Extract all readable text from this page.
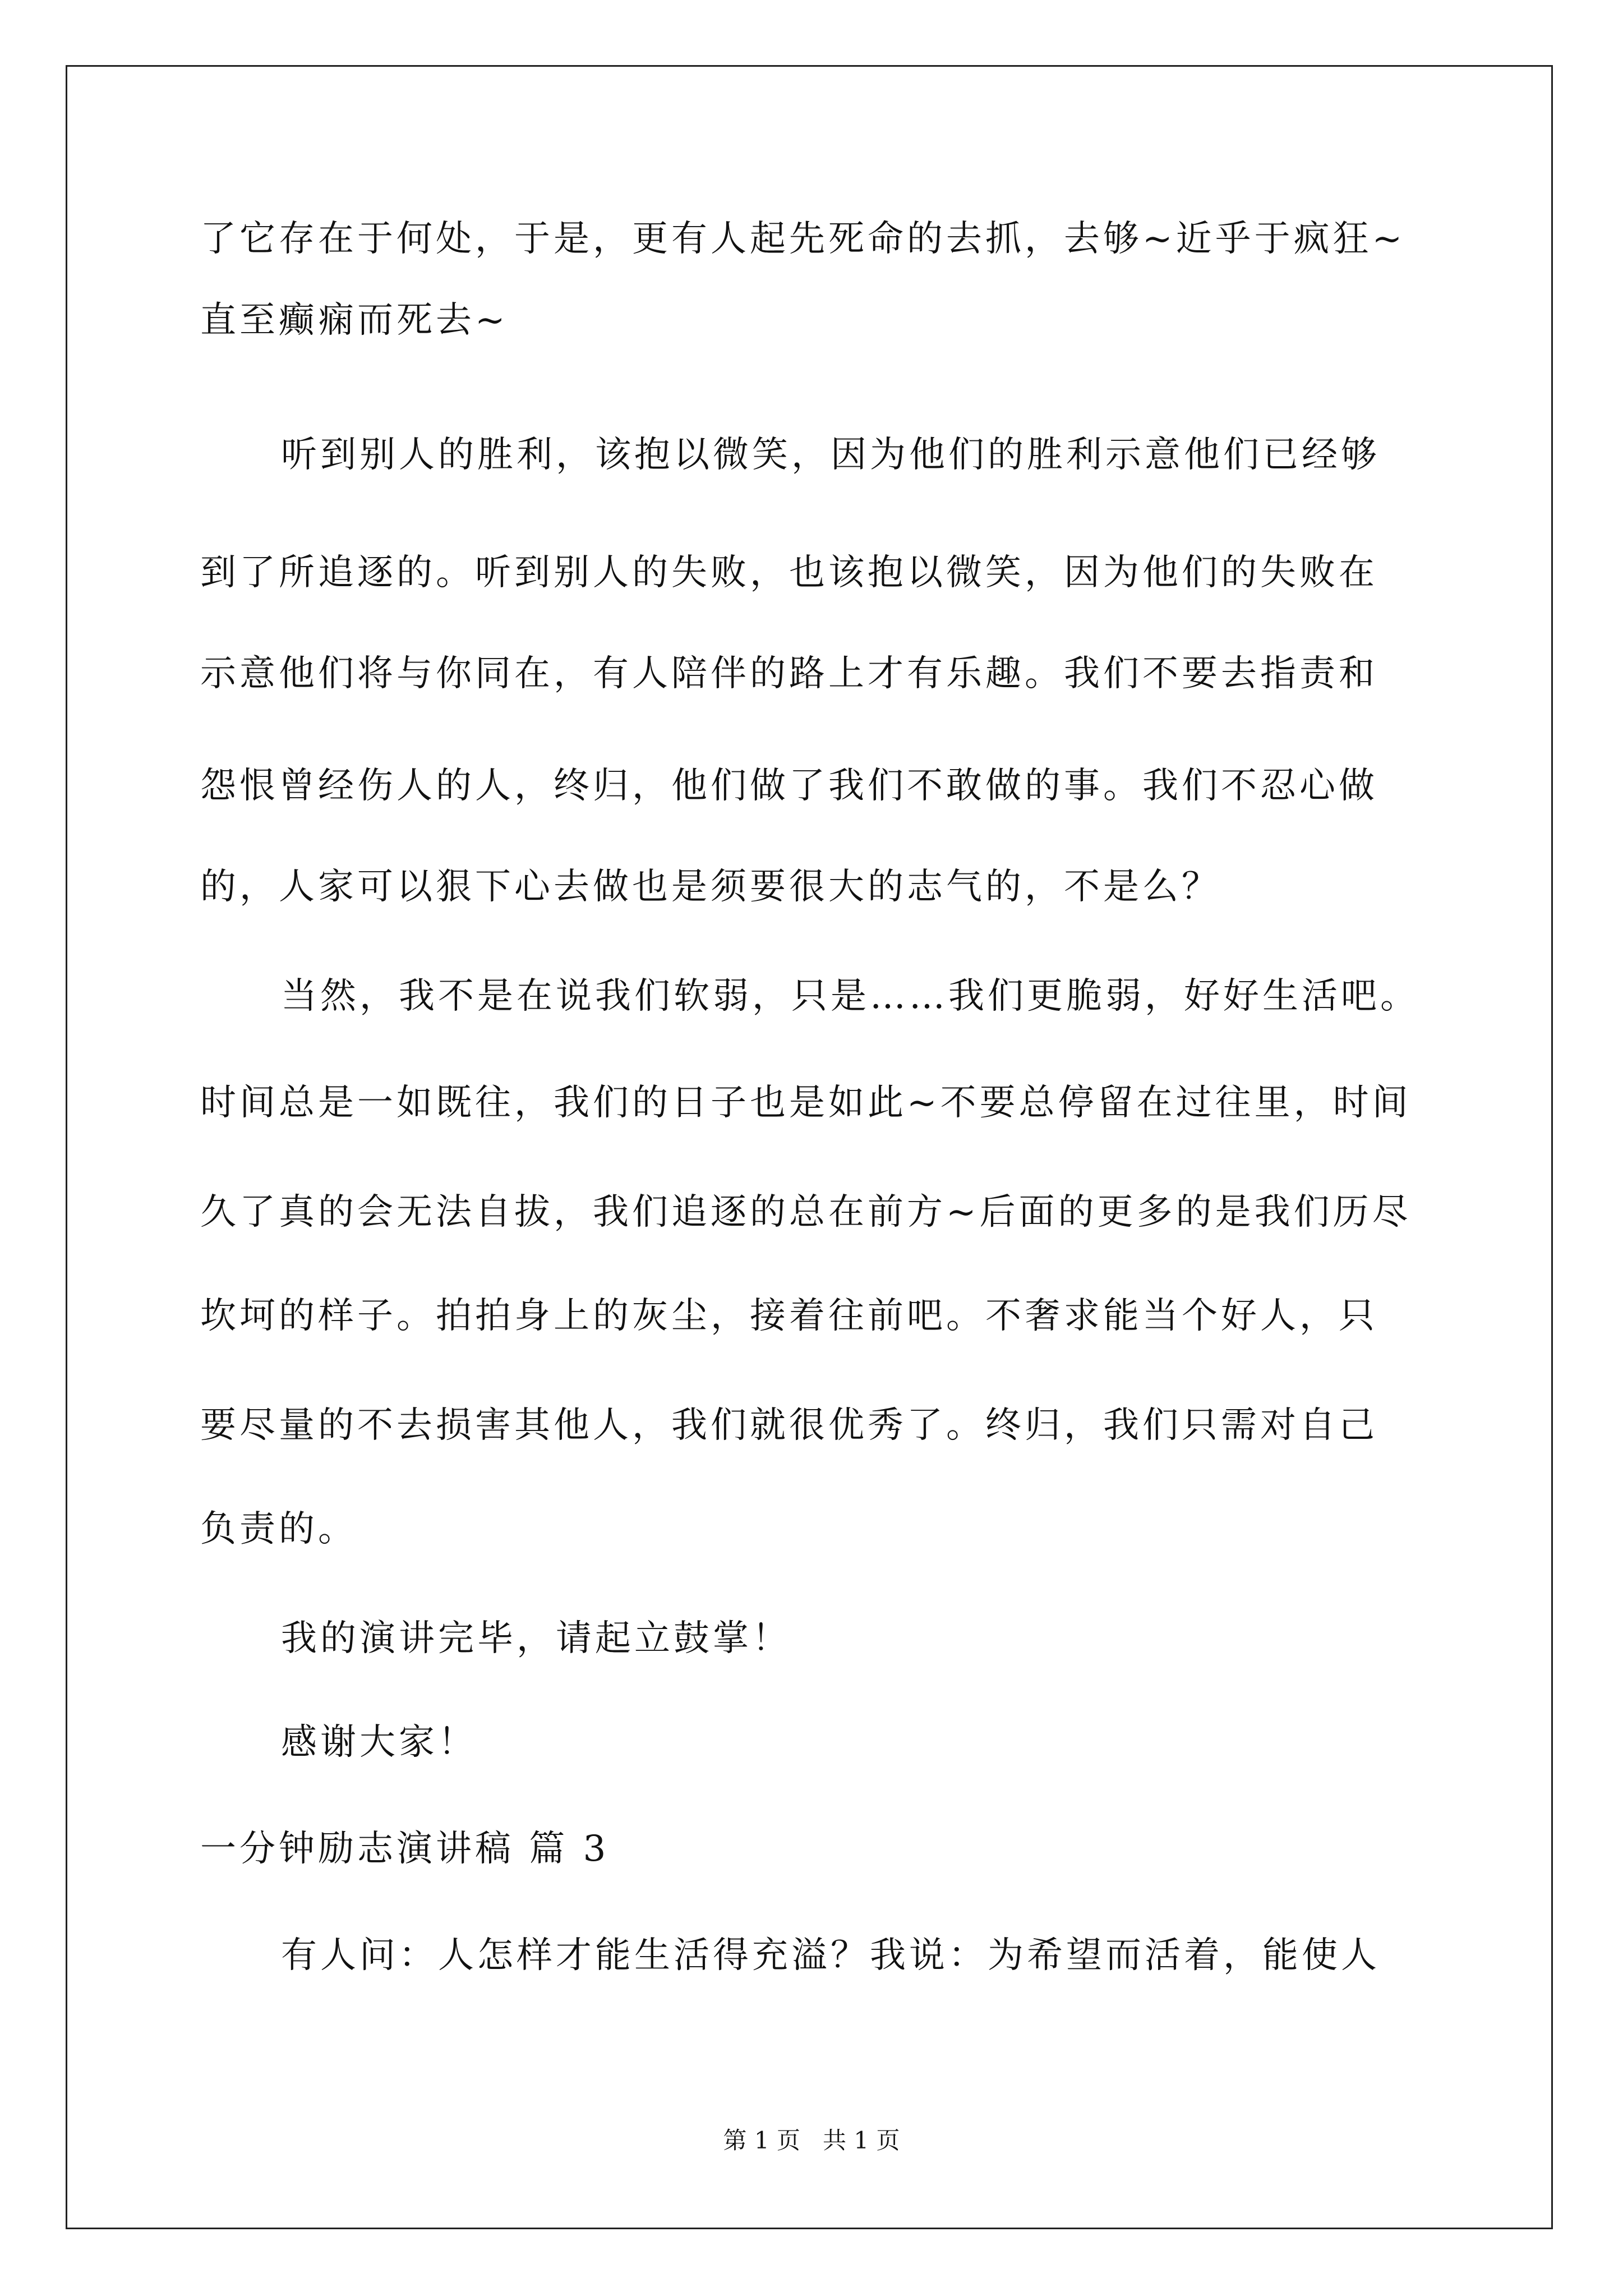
了它存在于何处，于是，更有人起先死命的去抓，去够~近乎于疯狂~
直至癫痫而死去~
听到别人的胜利，该抱以微笑，因为他们的胜利示意他们已经够
到了所追逐的。听到别人的失败，也该抱以微笑，因为他们的失败在
示意他们将与你同在，有人陪伴的路上才有乐趣。我们不要去指责和
怨恨曾经伤人的人，终归，他们做了我们不敢做的事。我们不忍心做
的，人家可以狠下心去做也是须要很大的志气的，不是么？
当然，我不是在说我们软弱，只是……我们更脆弱，好好生活吧。
时间总是一如既往，我们的日子也是如此~不要总停留在过往里，时间
久了真的会无法自拔，我们追逐的总在前方~后面的更多的是我们历尽
坎坷的样子。拍拍身上的灰尘，接着往前吧。不奢求能当个好人，只
要尽量的不去损害其他人，我们就很优秀了。终归，我们只需对自己
负责的。
我的演讲完毕，请起立鼓掌！
感谢大家！
一分钟励志演讲稿 篇 3
有人问：人怎样才能生活得充溢？我说：为希望而活着，能使人
第 1 页   共 1 页
